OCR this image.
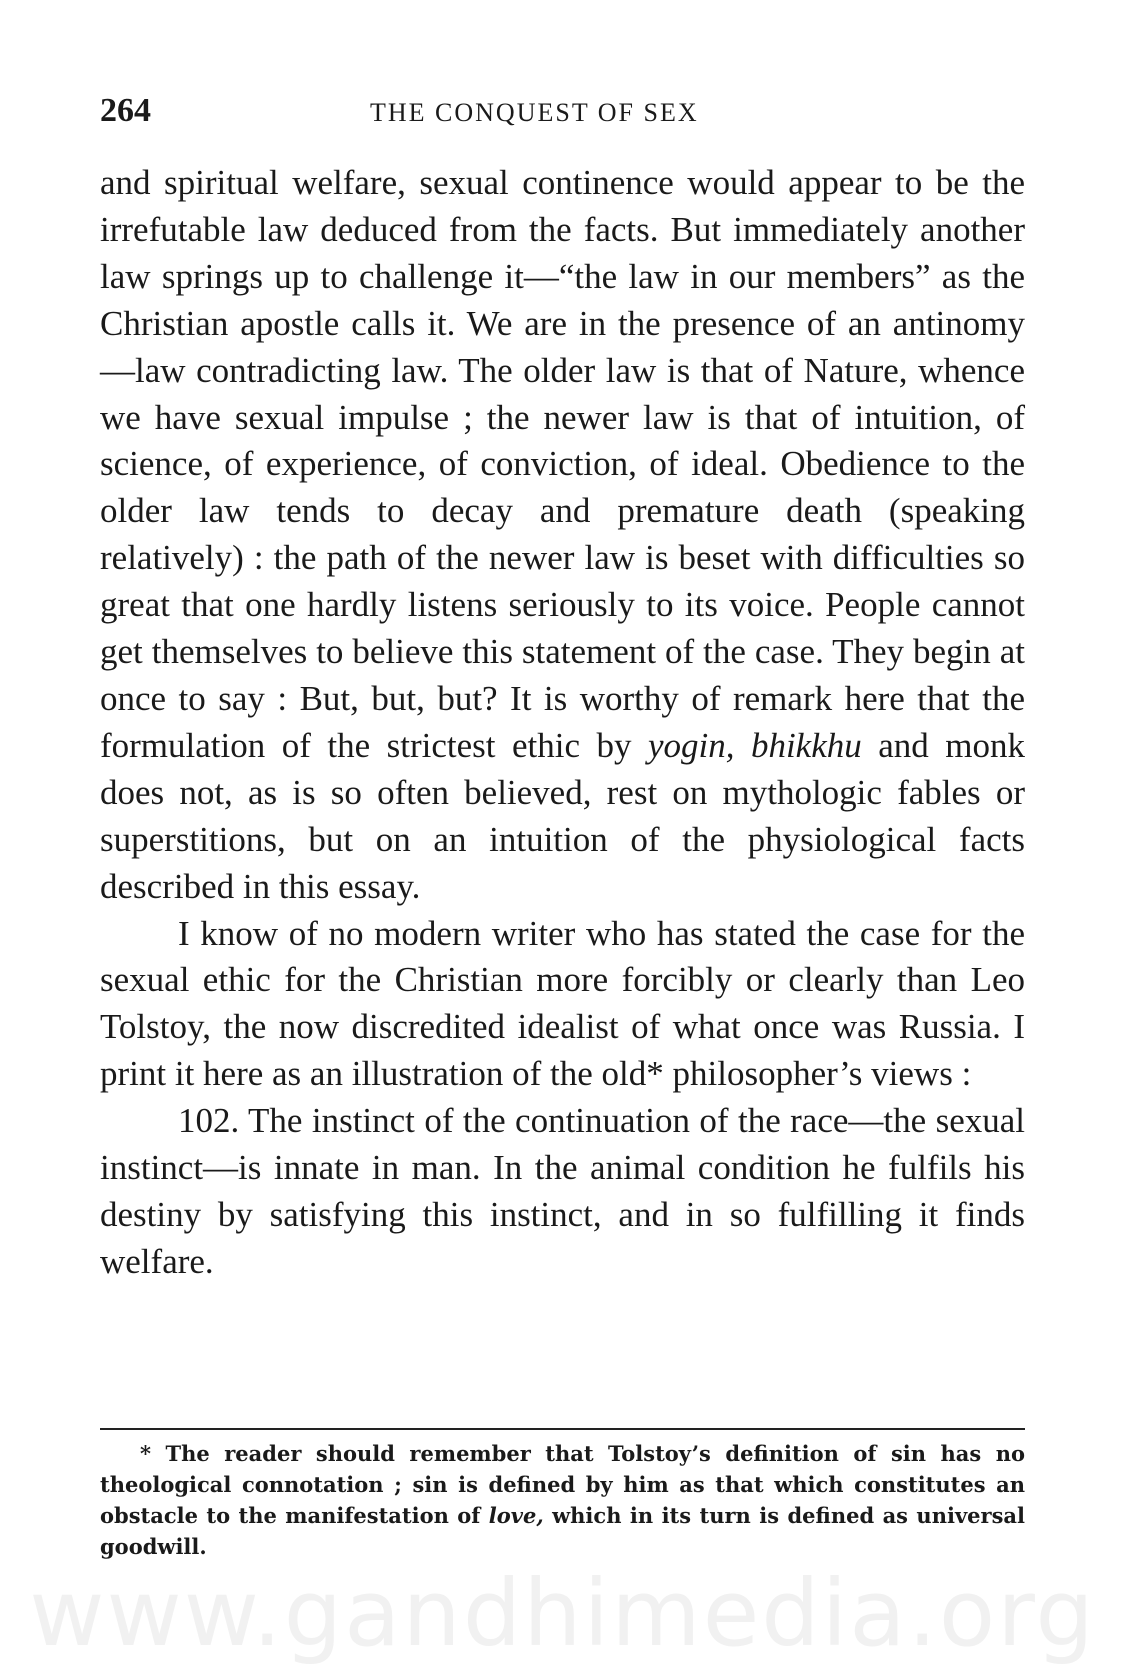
264	THE CONQUEST OF SEX

and spiritual welfare, sexual continence would appear to be the irrefutable law deduced from the facts. But immediately another law springs up to challenge it—“the law in our members” as the Christian apostle calls it. We are in the presence of an antinomy—law contradicting law. The older law is that of Nature, whence we have sexual impulse ; the newer law is that of intuition, of science, of experience, of conviction, of ideal. Obedience to the older law tends to decay and premature death (speaking relatively) : the path of the newer law is beset with difficulties so great that one hardly listens seriously to its voice. People cannot get themselves to believe this statement of the case. They begin at once to say : But, but, but? It is worthy of remark here that the formulation of the strictest ethic by yogin, bhikkhu and monk does not, as is so often believed, rest on mythologic fables or superstitions, but on an intuition of the physiological facts described in this essay.

I know of no modern writer who has stated the case for the sexual ethic for the Christian more forcibly or clearly than Leo Tolstoy, the now discredited idealist of what once was Russia. I print it here as an illustration of the old* philosopher’s views :

102. The instinct of the continuation of the race—the sexual instinct—is innate in man. In the animal condition he fulfils his destiny by satisfying this instinct, and in so fulfilling it finds welfare.

* The reader should remember that Tolstoy’s definition of sin has no theological connotation ; sin is defined by him as that which constitutes an obstacle to the manifestation of love, which in its turn is defined as universal goodwill.

www.gandhimedia.org
